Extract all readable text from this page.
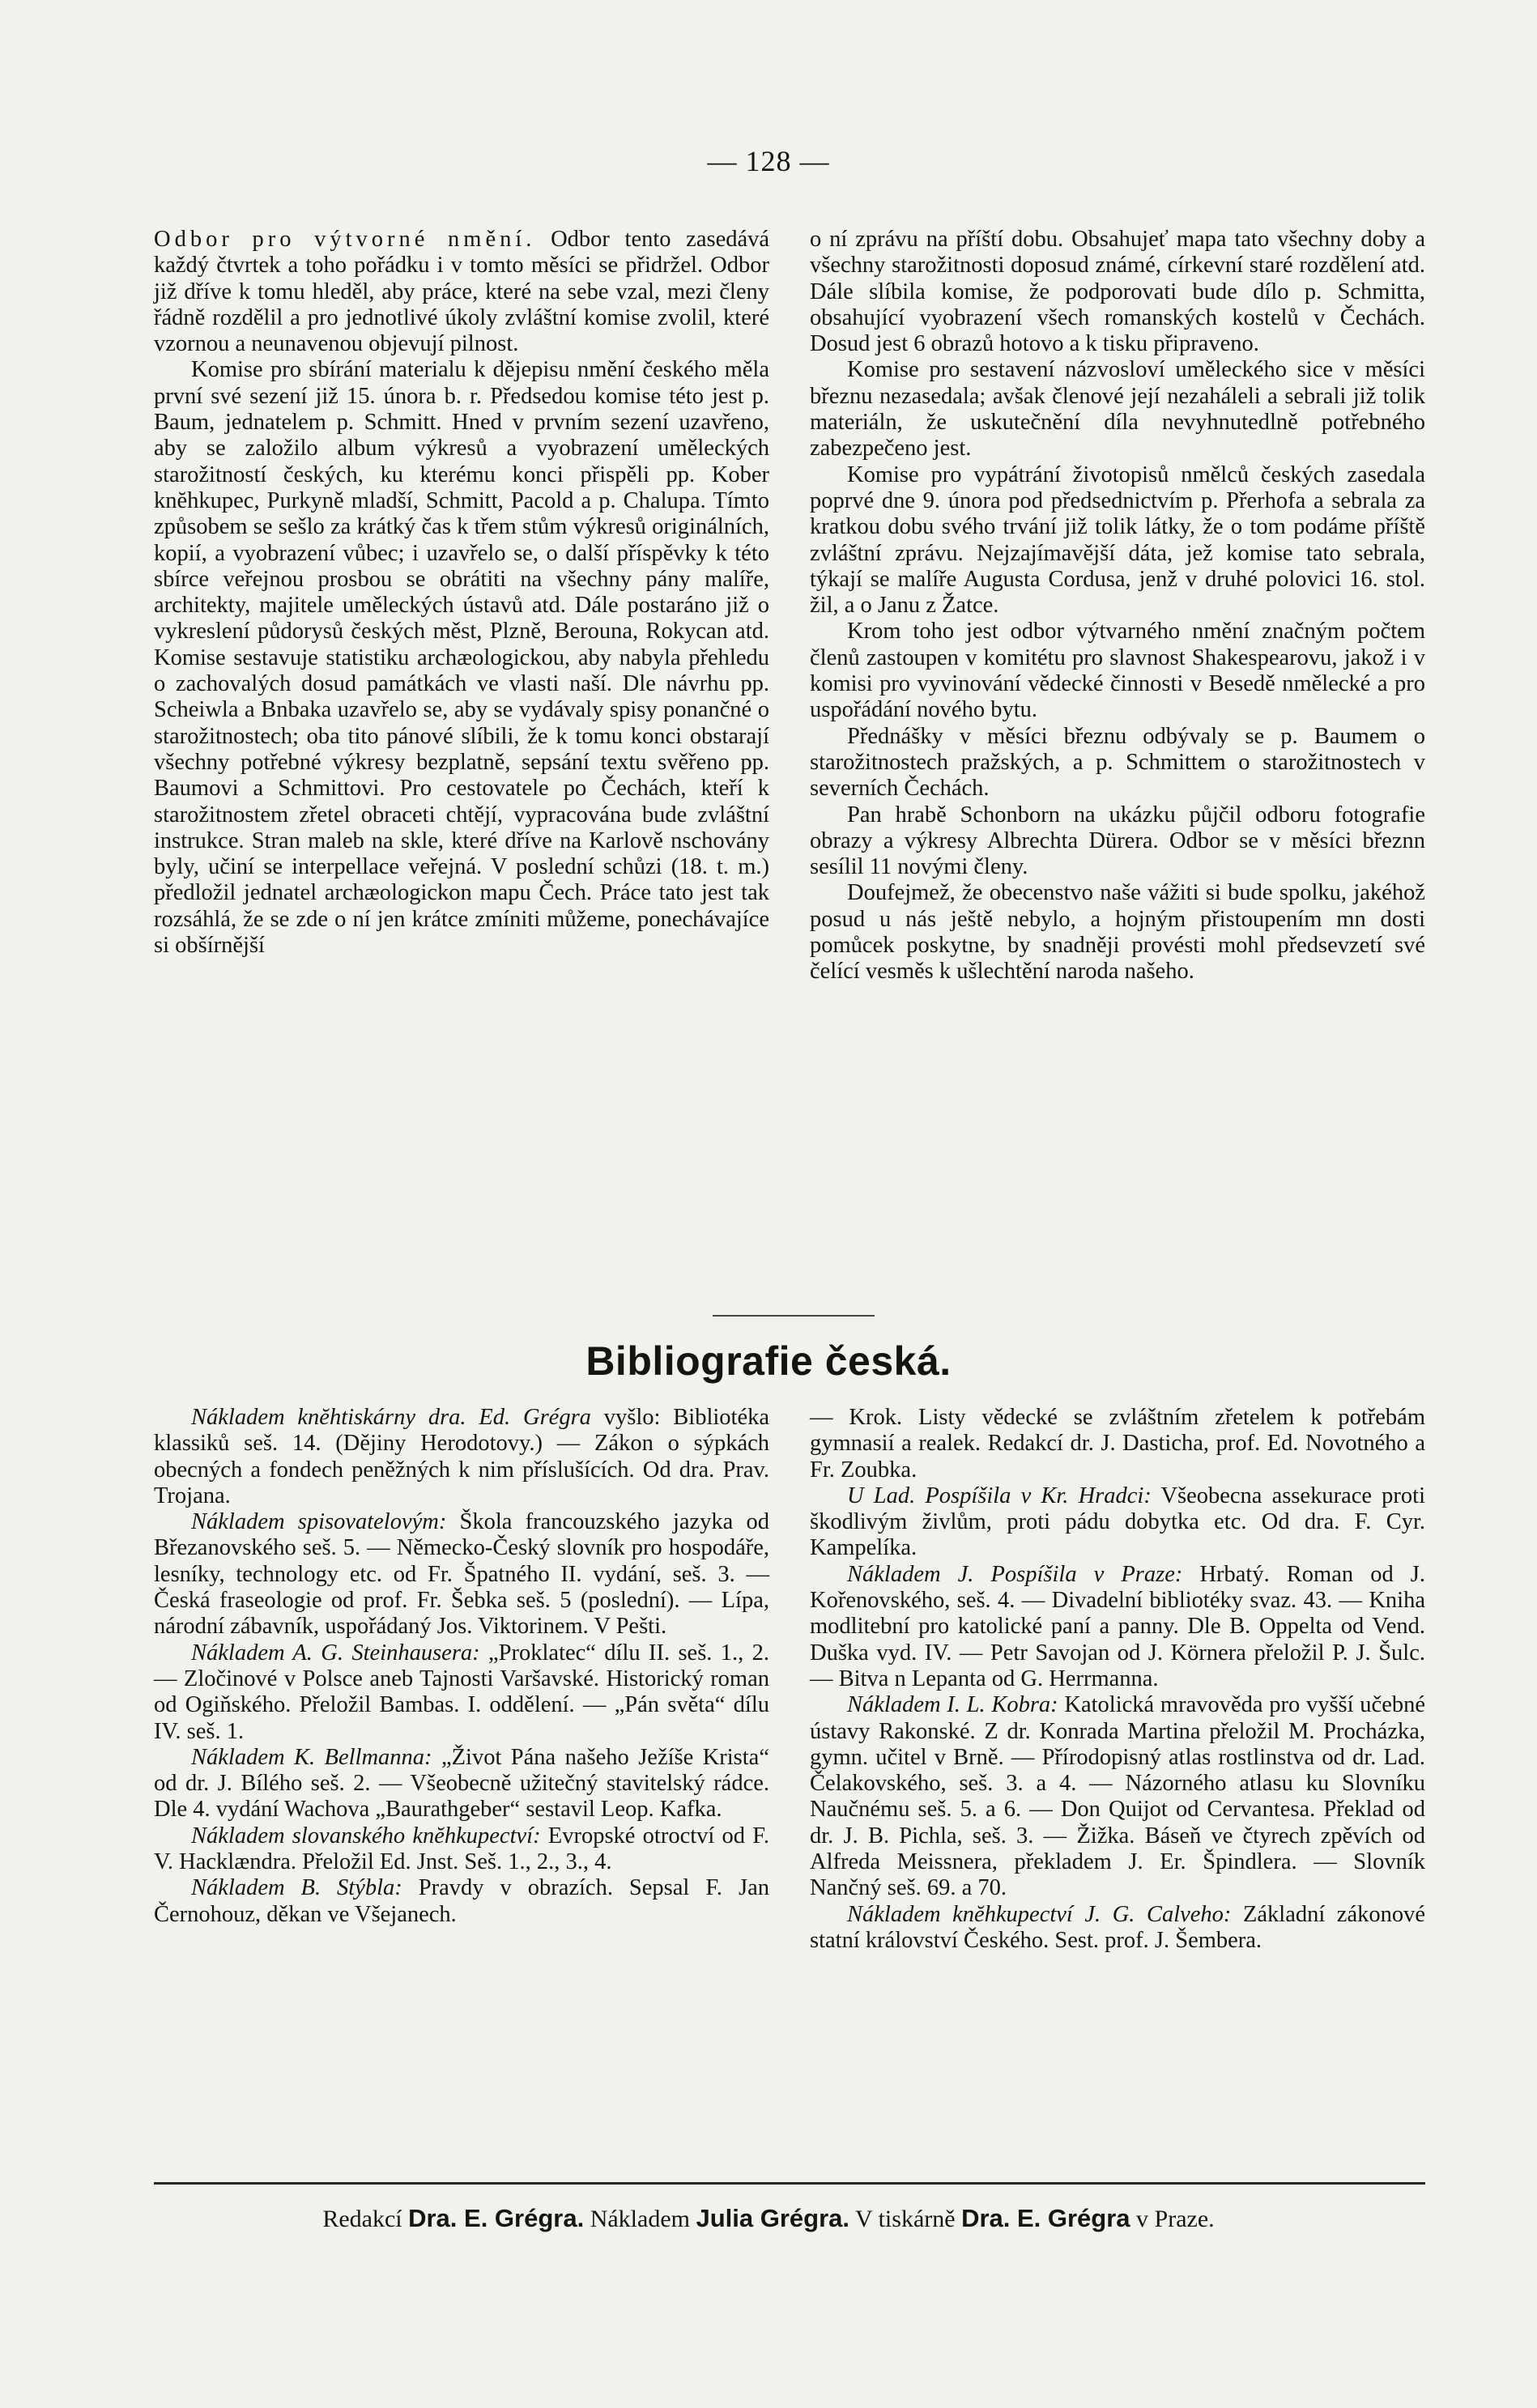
— 128 —

Odbor pro výtvorné nmění. Odbor tento zasedává každý čtvrtek a toho pořádku i v tomto měsíci se přidržel. Odbor již dříve k tomu hleděl, aby práce, které na sebe vzal, mezi členy řádně rozdělil a pro jednotlivé úkoly zvláštní komise zvolil, které vzornou a neunavenou objevují pilnost.

Komise pro sbírání materialu k dějepisu nmění českého měla první své sezení již 15. února b. r. Předsedou komise této jest p. Baum, jednatelem p. Schmitt. Hned v prvním sezení uzavřeno, aby se založilo album výkresů a vyobrazení uměleckých starožitností českých, ku kterému konci přispěli pp. Kober knĕhkupec, Purkyně mladší, Schmitt, Pacold a p. Chalupa. Tímto způsobem se sešlo za krátký čas k třem stům výkresů originálních, kopií, a vyobrazení vůbec; i uzavřelo se, o další příspěvky k této sbírce veřejnou prosbou se obrátiti na všechny pány malíře, architekty, majitele uměleckých ústavů atd. Dále postaráno již o vykreslení půdorysů českých měst, Plzně, Berouna, Rokycan atd. Komise sestavuje statistiku archæologickou, aby nabyla přehledu o zachovalých dosud památkách ve vlasti naší. Dle návrhu pp. Scheiwla a Bnbaka uzavřelo se, aby se vydávaly spisy ponančné o starožitnostech; oba tito pánové slíbili, že k tomu konci obstarají všechny potřebné výkresy bezplatně, sepsání textu svěřeno pp. Baumovi a Schmittovi. Pro cestovatele po Čechách, kteří k starožitnostem zřetel obraceti chtějí, vypracována bude zvláštní instrukce. Stran maleb na skle, které dříve na Karlově nschovány byly, učiní se interpellace veřejná. V poslední schůzi (18. t. m.) předložil jednatel archæologickon mapu Čech. Práce tato jest tak rozsáhlá, že se zde o ní jen krátce zmíniti můžeme, ponechávajíce si obšírnější

o ní zprávu na příští dobu. Obsahujeť mapa tato všechny doby a všechny starožitnosti doposud známé, církevní staré rozdělení atd. Dále slíbila komise, že podporovati bude dílo p. Schmitta, obsahující vyobrazení všech romanských kostelů v Čechách. Dosud jest 6 obrazů hotovo a k tisku připraveno.

Komise pro sestavení názvosloví uměleckého sice v měsíci březnu nezasedala; avšak členové její nezaháleli a sebrali již tolik materiáln, že uskutečnění díla nevyhnutedlně potřebného zabezpečeno jest.

Komise pro vypátrání životopisů nmělců českých zasedala poprvé dne 9. února pod předsednictvím p. Přerhofa a sebrala za kratkou dobu svého trvání již tolik látky, že o tom podáme příště zvláštní zprávu. Nejzajímavější dáta, jež komise tato sebrala, týkají se malíře Augusta Cordusa, jenž v druhé polovici 16. stol. žil, a o Janu z Žatce.

Krom toho jest odbor výtvarného nmění značným počtem členů zastoupen v komitétu pro slavnost Shakespearovu, jakož i v komisi pro vyvinování vědecké činnosti v Besedě nmělecké a pro uspořádání nového bytu.

Přednášky v měsíci březnu odbývaly se p. Baumem o starožitnostech pražských, a p. Schmittem o starožitnostech v severních Čechách.

Pan hrabě Schonborn na ukázku půjčil odboru fotografie obrazy a výkresy Albrechta Dürera. Odbor se v měsíci březnn sesílil 11 novými členy.

Doufejmež, že obecenstvo naše vážiti si bude spolku, jakéhož posud u nás ještě nebylo, a hojným přistoupením mn dosti pomůcek poskytne, by snadněji provésti mohl předsevzetí své čelící vesměs k ušlechtění naroda našeho.

Bibliografie česká.

Nákladem knĕhtiskárny dra. Ed. Grégra vyšlo: Bibliotéka klassiků seš. 14. (Dějiny Herodotovy.) — Zákon o sýpkách obecných a fondech peněžných k nim příslušících. Od dra. Prav. Trojana.

Nákladem spisovatelovým: Škola francouzského jazyka od Březanovského seš. 5. — Německo-Český slovník pro hospodáře, lesníky, technology etc. od Fr. Špatného II. vydání, seš. 3. — Česká fraseologie od prof. Fr. Šebka seš. 5 (poslední). — Lípa, národní zábavník, uspořádaný Jos. Viktorinem. V Pešti.

Nákladem A. G. Steinhausera: „Proklatec“ dílu II. seš. 1., 2. — Zločinové v Polsce aneb Tajnosti Varšavské. Historický roman od Ogiňského. Přeložil Bambas. I. oddělení. — „Pán světa“ dílu IV. seš. 1.

Nákladem K. Bellmanna: „Život Pána našeho Ježíše Krista“ od dr. J. Bílého seš. 2. — Všeobecně užitečný stavitelský rádce. Dle 4. vydání Wachova „Baurathgeber“ sestavil Leop. Kafka.

Nákladem slovanského knĕhkupectví: Evropské otroctví od F. V. Hacklændra. Přeložil Ed. Jnst. Seš. 1., 2., 3., 4.

Nákladem B. Stýbla: Pravdy v obrazích. Sepsal F. Jan Černohouz, děkan ve Všejanech.

— Krok. Listy vědecké se zvláštním zřetelem k potřebám gymnasií a realek. Redakcí dr. J. Dasticha, prof. Ed. Novotného a Fr. Zoubka.

U Lad. Pospíšila v Kr. Hradci: Všeobecna assekurace proti škodlivým živlům, proti pádu dobytka etc. Od dra. F. Cyr. Kampelíka.

Nákladem J. Pospíšila v Praze: Hrbatý. Roman od J. Kořenovského, seš. 4. — Divadelní bibliotéky svaz. 43. — Kniha modlitební pro katolické paní a panny. Dle B. Oppelta od Vend. Duška vyd. IV. — Petr Savojan od J. Körnera přeložil P. J. Šulc. — Bitva n Lepanta od G. Herrmanna.

Nákladem I. L. Kobra: Katolická mravověda pro vyšší učebné ústavy Rakonské. Z dr. Konrada Martina přeložil M. Procházka, gymn. učitel v Brně. — Přírodopisný atlas rostlinstva od dr. Lad. Čelakovského, seš. 3. a 4. — Názorného atlasu ku Slovníku Naučnému seš. 5. a 6. — Don Quijot od Cervantesa. Překlad od dr. J. B. Pichla, seš. 3. — Žižka. Báseň ve čtyrech zpěvích od Alfreda Meissnera, překladem J. Er. Špindlera. — Slovník Nančný seš. 69. a 70.

Nákladem knĕhkupectví J. G. Calveho: Základní zákonové statní království Českého. Sest. prof. J. Šembera.

Redakcí Dra. E. Grégra. Nákladem Julia Grégra. V tiskárně Dra. E. Grégra v Praze.
